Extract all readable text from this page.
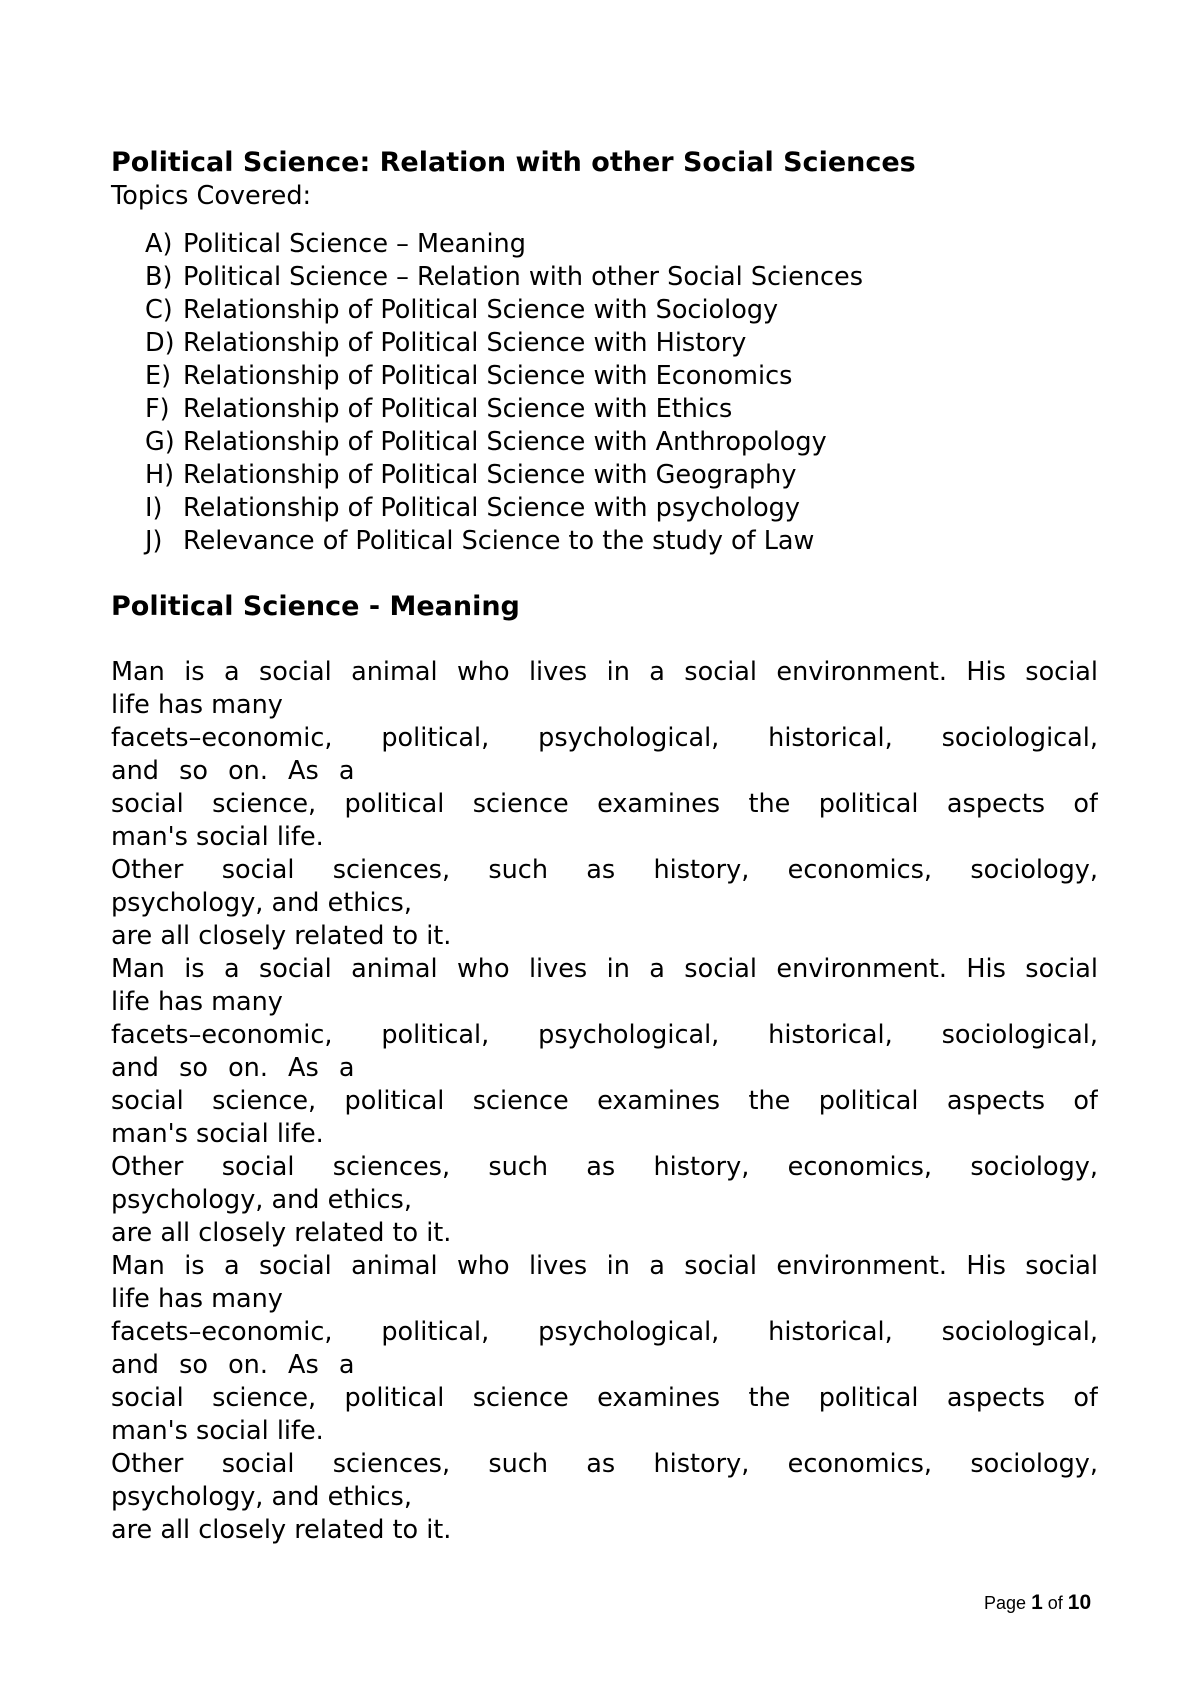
Political Science: Relation with other Social Sciences
Topics Covered:
A) Political Science – Meaning
B) Political Science – Relation with other Social Sciences
C) Relationship of Political Science with Sociology
D) Relationship of Political Science with History
E) Relationship of Political Science with Economics
F) Relationship of Political Science with Ethics
G) Relationship of Political Science with Anthropology
H) Relationship of Political Science with Geography
I) Relationship of Political Science with psychology
J) Relevance of Political Science to the study of Law
Political Science - Meaning
Man is a social animal who lives in a social environment. His social
life has many
facets–economic, political, psychological, historical, sociological,
and so on. As a
social science, political science examines the political aspects of
man's social life.
Other social sciences, such as history, economics, sociology,
psychology, and ethics,
are all closely related to it.
Man is a social animal who lives in a social environment. His social
life has many
facets–economic, political, psychological, historical, sociological,
and so on. As a
social science, political science examines the political aspects of
man's social life.
Other social sciences, such as history, economics, sociology,
psychology, and ethics,
are all closely related to it.
Man is a social animal who lives in a social environment. His social
life has many
facets–economic, political, psychological, historical, sociological,
and so on. As a
social science, political science examines the political aspects of
man's social life.
Other social sciences, such as history, economics, sociology,
psychology, and ethics,
are all closely related to it.
Page 1 of 10
